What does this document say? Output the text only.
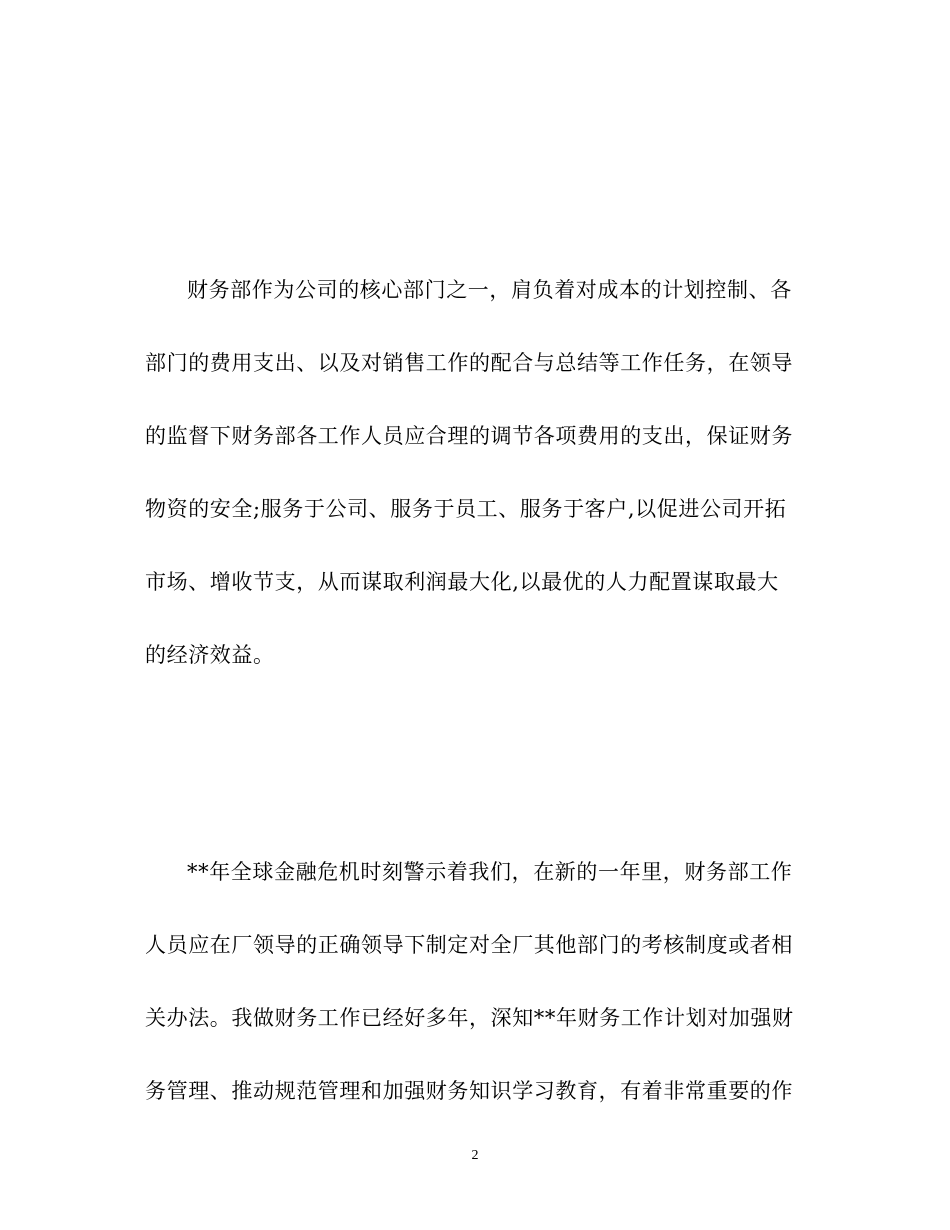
财务部作为公司的核心部门之一，肩负着对成本的计划控制、各
部门的费用支出、以及对销售工作的配合与总结等工作任务，在领导
的监督下财务部各工作人员应合理的调节各项费用的支出，保证财务
物资的安全;服务于公司、服务于员工、服务于客户,以促进公司开拓
市场、增收节支，从而谋取利润最大化,以最优的人力配置谋取最大
的经济效益。
**年全球金融危机时刻警示着我们，在新的一年里，财务部工作
人员应在厂领导的正确领导下制定对全厂其他部门的考核制度或者相
关办法。我做财务工作已经好多年，深知**年财务工作计划对加强财
务管理、推动规范管理和加强财务知识学习教育，有着非常重要的作
2
